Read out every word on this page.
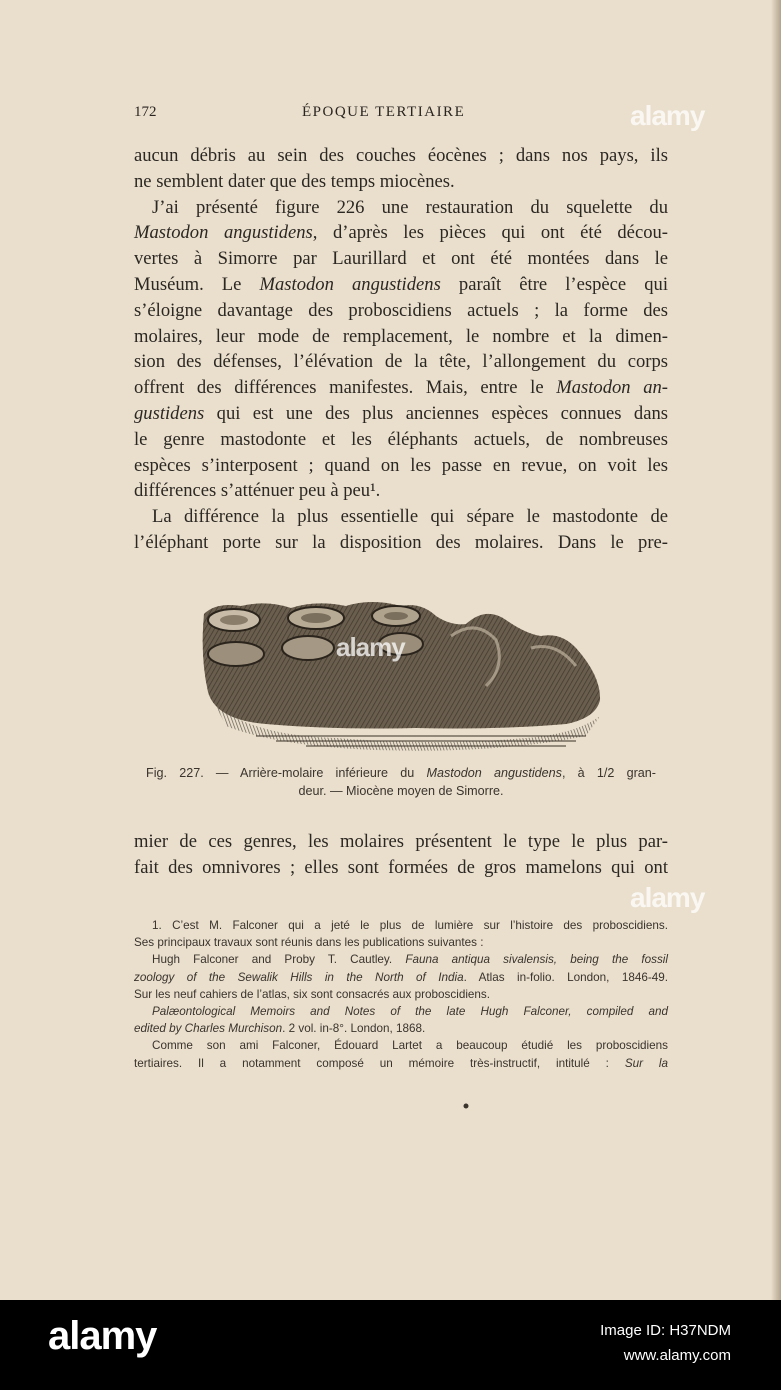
172	ÉPOQUE TERTIAIRE
aucun débris au sein des couches éocènes ; dans nos pays, ils
ne semblent dater que des temps miocènes.
J’ai présenté figure 226 une restauration du squelette du
Mastodon angustidens, d’après les pièces qui ont été décou-
vertes à Simorre par Laurillard et ont été montées dans le
Muséum. Le Mastodon angustidens paraît être l’espèce qui
s’éloigne davantage des proboscidiens actuels ; la forme des
molaires, leur mode de remplacement, le nombre et la dimen-
sion des défenses, l’élévation de la tête, l’allongement du corps
offrent des différences manifestes. Mais, entre le Mastodon an-
gustidens qui est une des plus anciennes espèces connues dans
le genre mastodonte et les éléphants actuels, de nombreuses
espèces s’interposent ; quand on les passe en revue, on voit les
différences s’atténuer peu à peu¹.
La différence la plus essentielle qui sépare le mastodonte de
l’éléphant porte sur la disposition des molaires. Dans le pre-
Fig. 227. — Arrière-molaire inférieure du Mastodon angustidens, à 1/2 gran-
deur. — Miocène moyen de Simorre.
mier de ces genres, les molaires présentent le type le plus par-
fait des omnivores ; elles sont formées de gros mamelons qui ont
1. C’est M. Falconer qui a jeté le plus de lumière sur l’histoire des proboscidiens.
Ses principaux travaux sont réunis dans les publications suivantes :
Hugh Falconer and Proby T. Cautley. Fauna antiqua sivalensis, being the fossil
zoology of the Sewalik Hills in the North of India. Atlas in-folio. London, 1846-49.
Sur les neuf cahiers de l’atlas, six sont consacrés aux proboscidiens.
Palæontological Memoirs and Notes of the late Hugh Falconer, compiled and
edited by Charles Murchison. 2 vol. in-8°. London, 1868.
Comme son ami Falconer, Édouard Lartet a beaucoup étudié les proboscidiens
tertiaires. Il a notamment composé un mémoire très-instructif, intitulé : Sur la
alamy
alamy
alamy
alamy	Image ID: H37NDM
www.alamy.com
